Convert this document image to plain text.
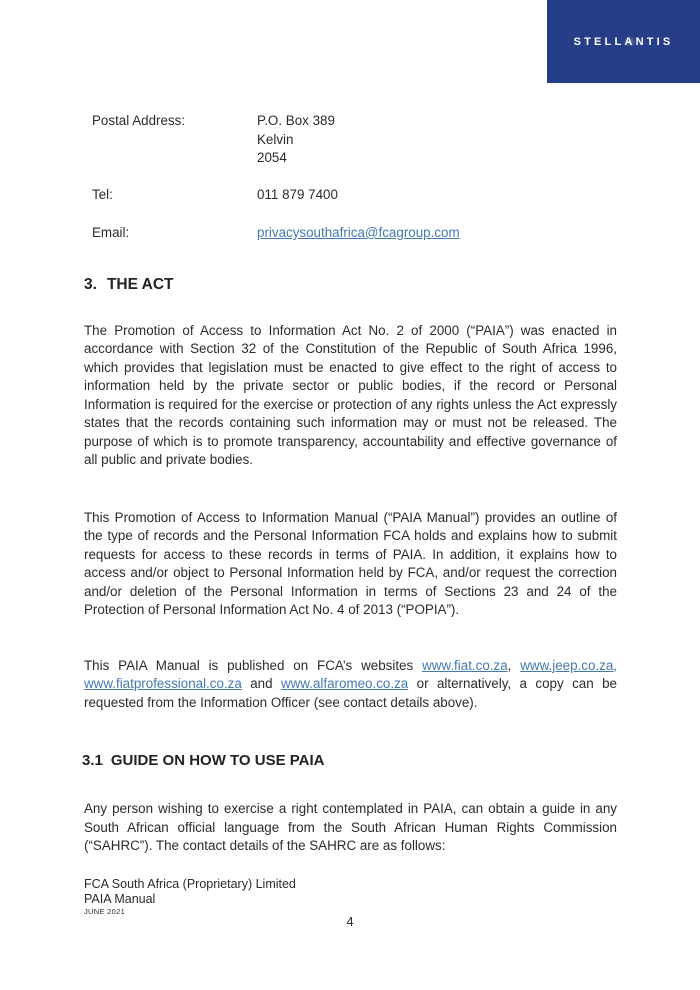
STELL A NTIS
Postal Address:	P.O. Box 389
Kelvin
2054
Tel:	011 879 7400
Email:	privacysouthafrica@fcagroup.com
3. THE ACT

The Promotion of Access to Information Act No. 2 of 2000 (“PAIA”) was enacted in accordance with Section 32 of the Constitution of the Republic of South Africa 1996, which provides that legislation must be enacted to give effect to the right of access to information held by the private sector or public bodies, if the record or Personal Information is required for the exercise or protection of any rights unless the Act expressly states that the records containing such information may or must not be released. The purpose of which is to promote transparency, accountability and effective governance of all public and private bodies.

This Promotion of Access to Information Manual (“PAIA Manual”) provides an outline of the type of records and the Personal Information FCA holds and explains how to submit requests for access to these records in terms of PAIA. In addition, it explains how to access and/or object to Personal Information held by FCA, and/or request the correction and/or deletion of the Personal Information in terms of Sections 23 and 24 of the Protection of Personal Information Act No. 4 of 2013 (“POPIA”).

This PAIA Manual is published on FCA’s websites www.fiat.co.za, www.jeep.co.za, www.fiatprofessional.co.za and www.alfaromeo.co.za or alternatively, a copy can be requested from the Information Officer (see contact details above).

3.1 GUIDE ON HOW TO USE PAIA

Any person wishing to exercise a right contemplated in PAIA, can obtain a guide in any South African official language from the South African Human Rights Commission (“SAHRC”). The contact details of the SAHRC are as follows:

FCA South Africa (Proprietary) Limited
PAIA Manual
JUNE 2021
4
